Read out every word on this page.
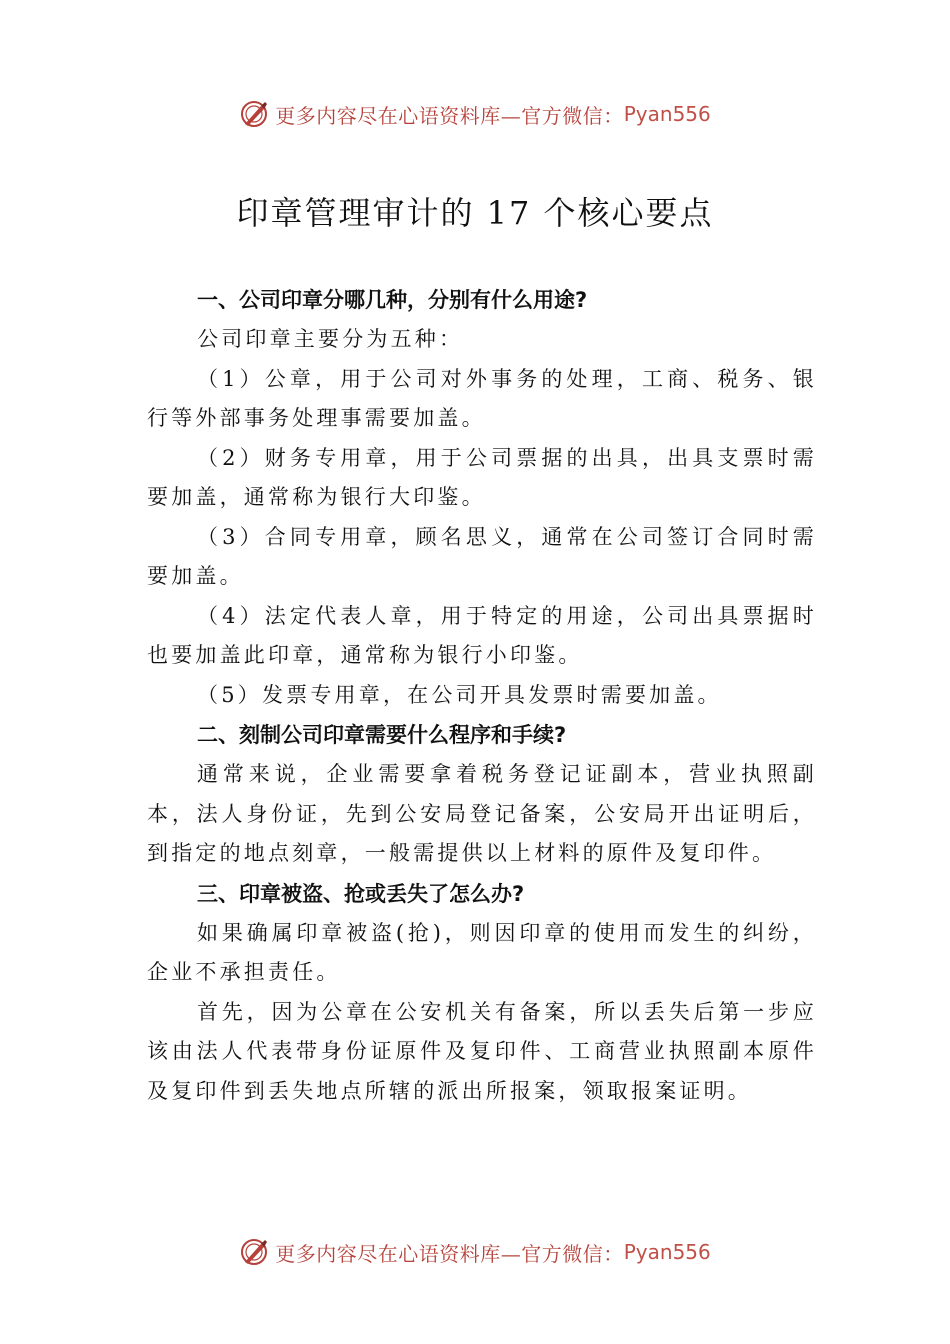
更多内容尽在心语资料库—官方微信： Pyan556
印章管理审计的 17 个核心要点

一、公司印章分哪几种，分别有什么用途?

公司印章主要分为五种：

（1）公章，用于公司对外事务的处理，工商、税务、银行等外部事务处理事需要加盖。

（2）财务专用章，用于公司票据的出具，出具支票时需要加盖，通常称为银行大印鉴。

（3）合同专用章，顾名思义，通常在公司签订合同时需要加盖。

（4）法定代表人章，用于特定的用途，公司出具票据时也要加盖此印章，通常称为银行小印鉴。

（5）发票专用章，在公司开具发票时需要加盖。

二、刻制公司印章需要什么程序和手续?

通常来说，企业需要拿着税务登记证副本，营业执照副本，法人身份证，先到公安局登记备案，公安局开出证明后，到指定的地点刻章，一般需提供以上材料的原件及复印件。

三、印章被盗、抢或丢失了怎么办?

如果确属印章被盗(抢)，则因印章的使用而发生的纠纷，企业不承担责任。

首先，因为公章在公安机关有备案，所以丢失后第一步应该由法人代表带身份证原件及复印件、工商营业执照副本原件及复印件到丢失地点所辖的派出所报案，领取报案证明。

更多内容尽在心语资料库—官方微信： Pyan556
